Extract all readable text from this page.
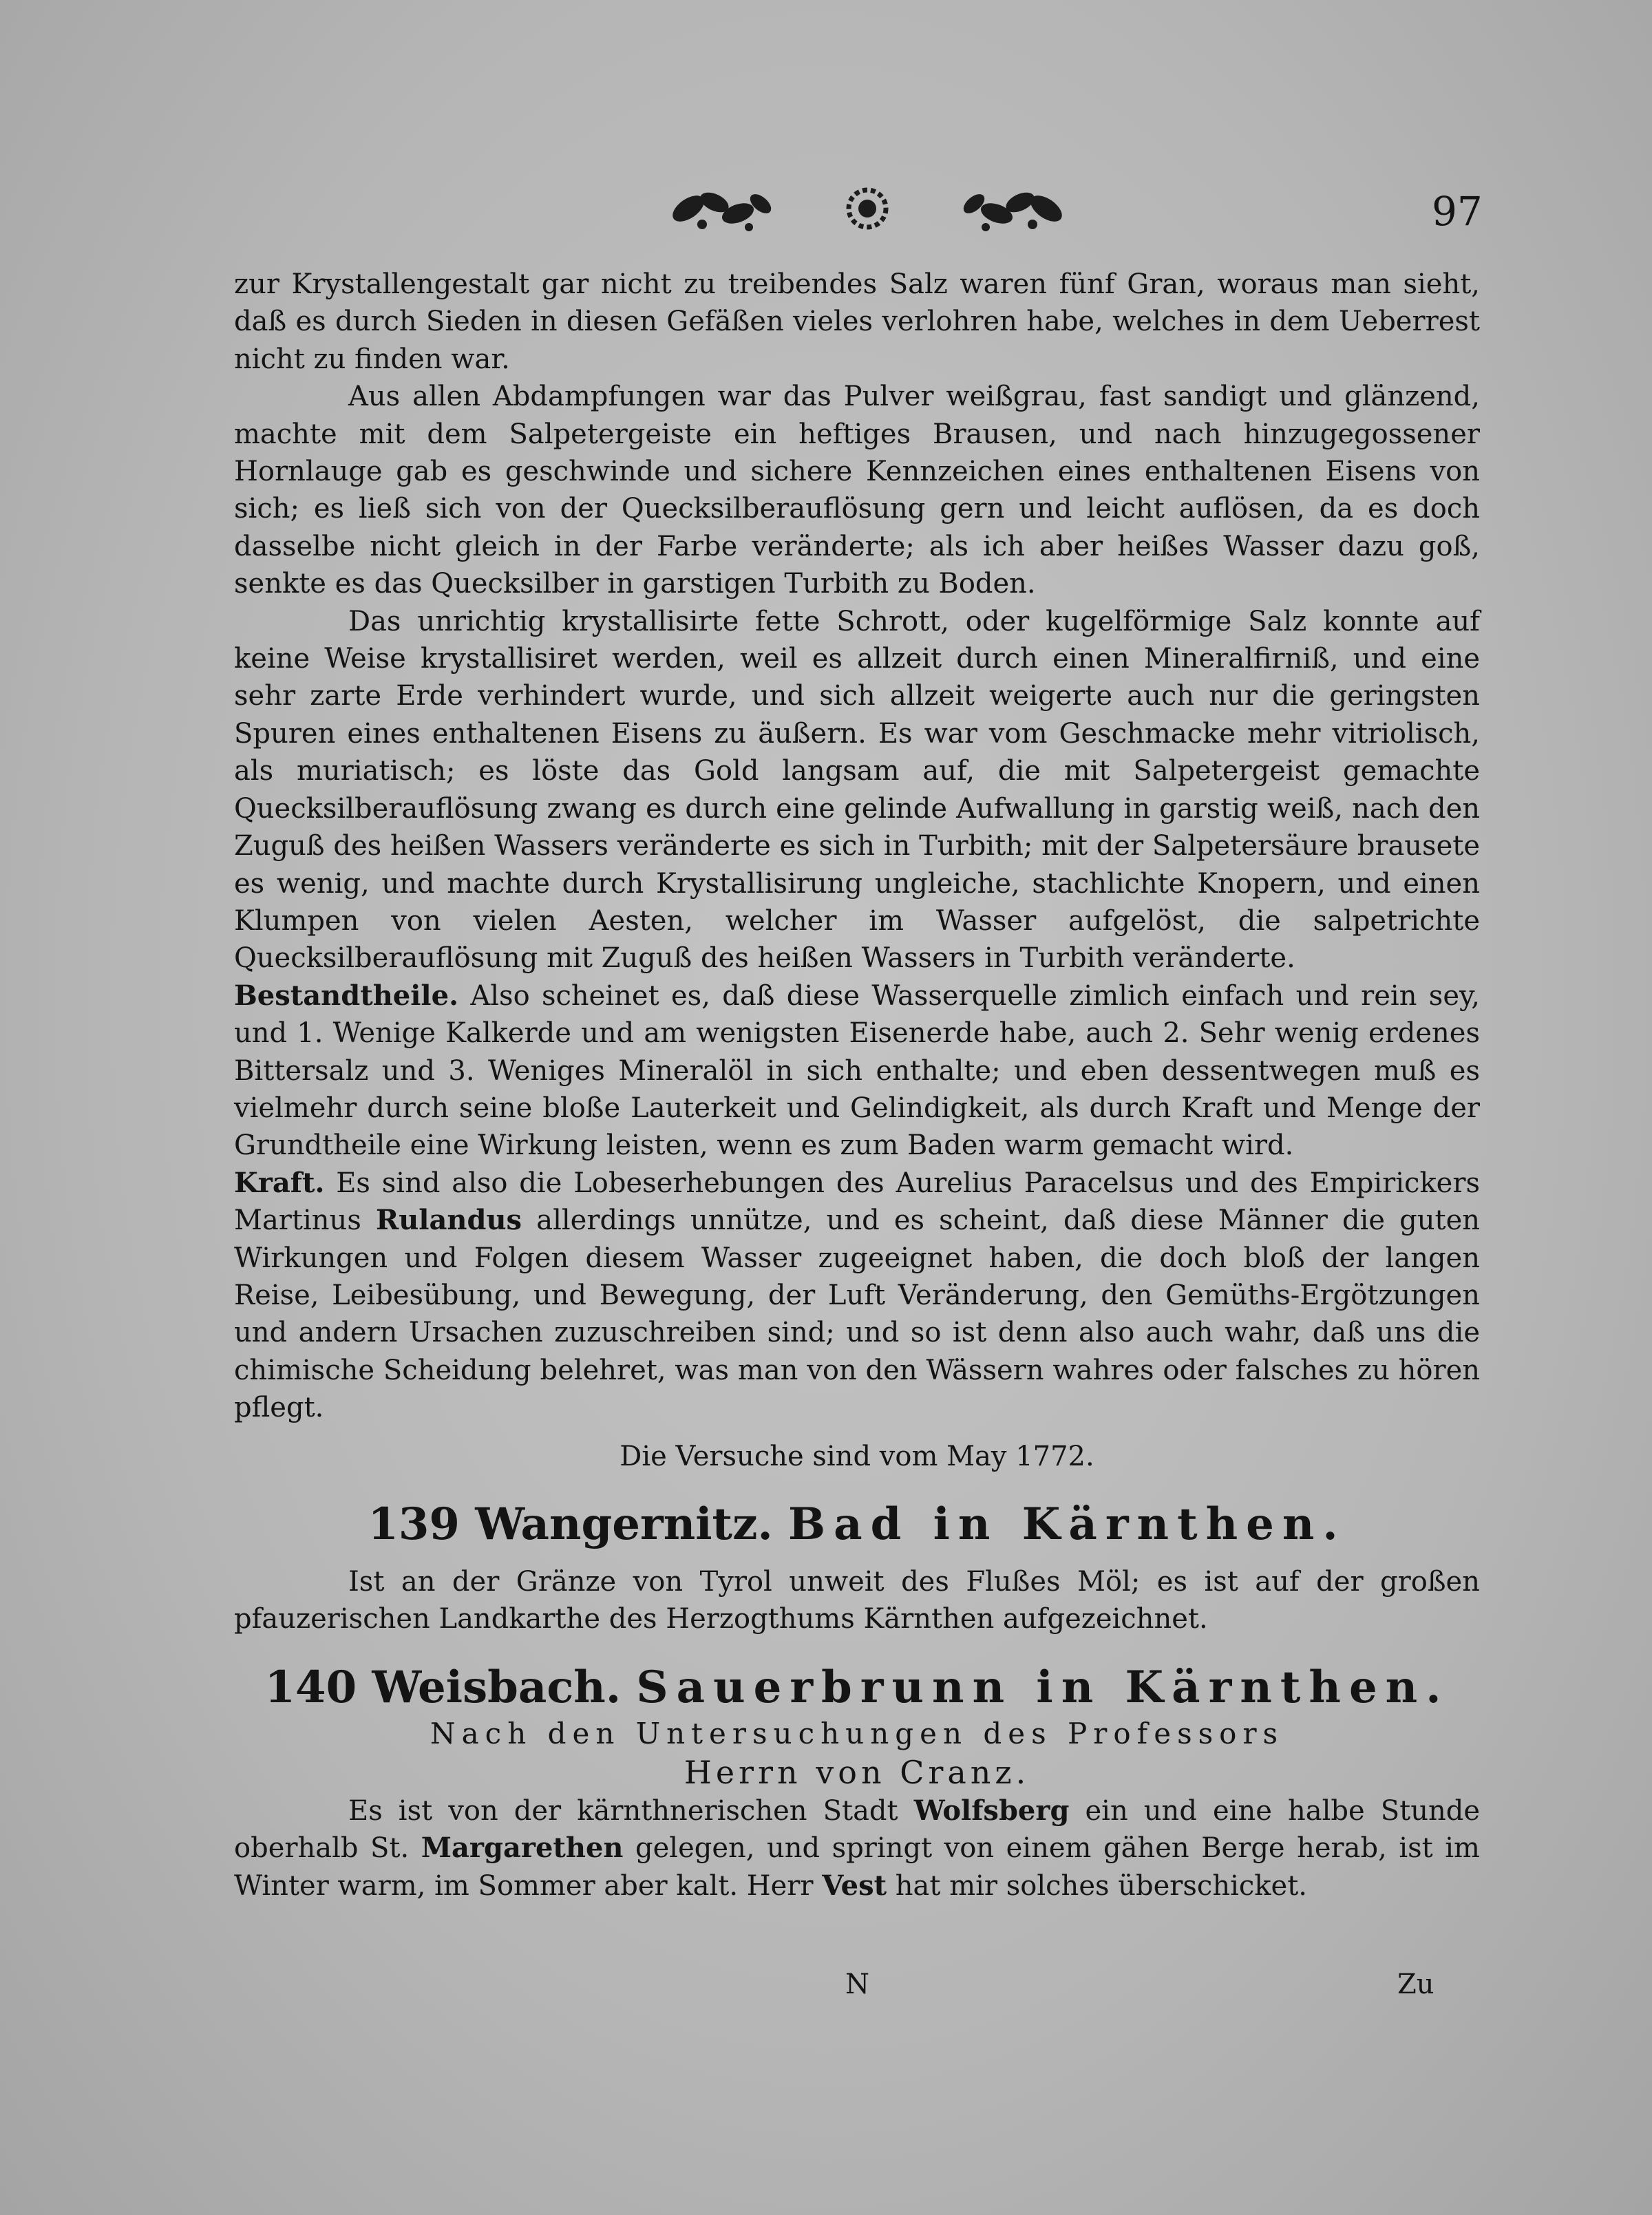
97

zur Krystallengestalt gar nicht zu treibendes Salz waren fünf Gran, woraus man sieht, daß es durch Sieden in diesen Gefäßen vieles verlohren habe, welches in dem Ueberrest nicht zu finden war.

Aus allen Abdampfungen war das Pulver weißgrau, fast sandigt und glänzend, machte mit dem Salpetergeiste ein heftiges Brausen, und nach hinzugegossener Hornlauge gab es geschwinde und sichere Kennzeichen eines enthaltenen Eisens von sich; es ließ sich von der Quecksilberauflösung gern und leicht auflösen, da es doch dasselbe nicht gleich in der Farbe veränderte; als ich aber heißes Wasser dazu goß, senkte es das Quecksilber in garstigen Turbith zu Boden.

Das unrichtig krystallisirte fette Schrott, oder kugelförmige Salz konnte auf keine Weise krystallisiret werden, weil es allzeit durch einen Mineralfirniß, und eine sehr zarte Erde verhindert wurde, und sich allzeit weigerte auch nur die geringsten Spuren eines enthaltenen Eisens zu äußern. Es war vom Geschmacke mehr vitriolisch, als muriatisch; es löste das Gold langsam auf, die mit Salpetergeist gemachte Quecksilberauflösung zwang es durch eine gelinde Aufwallung in garstig weiß, nach den Zuguß des heißen Wassers veränderte es sich in Turbith; mit der Salpetersäure brausete es wenig, und machte durch Krystallisirung ungleiche, stachlichte Knopern, und einen Klumpen von vielen Aesten, welcher im Wasser aufgelöst, die salpetrichte Quecksilberauflösung mit Zuguß des heißen Wassers in Turbith veränderte.

Bestandtheile. Also scheinet es, daß diese Wasserquelle zimlich einfach und rein sey, und 1. Wenige Kalkerde und am wenigsten Eisenerde habe, auch 2. Sehr wenig erdenes Bittersalz und 3. Weniges Mineralöl in sich enthalte; und eben dessentwegen muß es vielmehr durch seine bloße Lauterkeit und Gelindigkeit, als durch Kraft und Menge der Grundtheile eine Wirkung leisten, wenn es zum Baden warm gemacht wird.

Kraft. Es sind also die Lobeserhebungen des Aurelius Paracelsus und des Empirickers Martinus Rulandus allerdings unnütze, und es scheint, daß diese Männer die guten Wirkungen und Folgen diesem Wasser zugeeignet haben, die doch bloß der langen Reise, Leibesübung, und Bewegung, der Luft Veränderung, den Gemüths-Ergötzungen und andern Ursachen zuzuschreiben sind; und so ist denn also auch wahr, daß uns die chimische Scheidung belehret, was man von den Wässern wahres oder falsches zu hören pflegt.

Die Versuche sind vom May 1772.

139 Wangernitz. Bad in Kärnthen.

Ist an der Gränze von Tyrol unweit des Flußes Möl; es ist auf der großen pfauzerischen Landkarthe des Herzogthums Kärnthen aufgezeichnet.

140 Weisbach. Sauerbrunn in Kärnthen.

Nach den Untersuchungen des Professors

Herrn von Cranz.

Es ist von der kärnthnerischen Stadt Wolfsberg ein und eine halbe Stunde oberhalb St. Margarethen gelegen, und springt von einem gähen Berge herab, ist im Winter warm, im Sommer aber kalt. Herr Vest hat mir solches überschicket.

N	Zu
